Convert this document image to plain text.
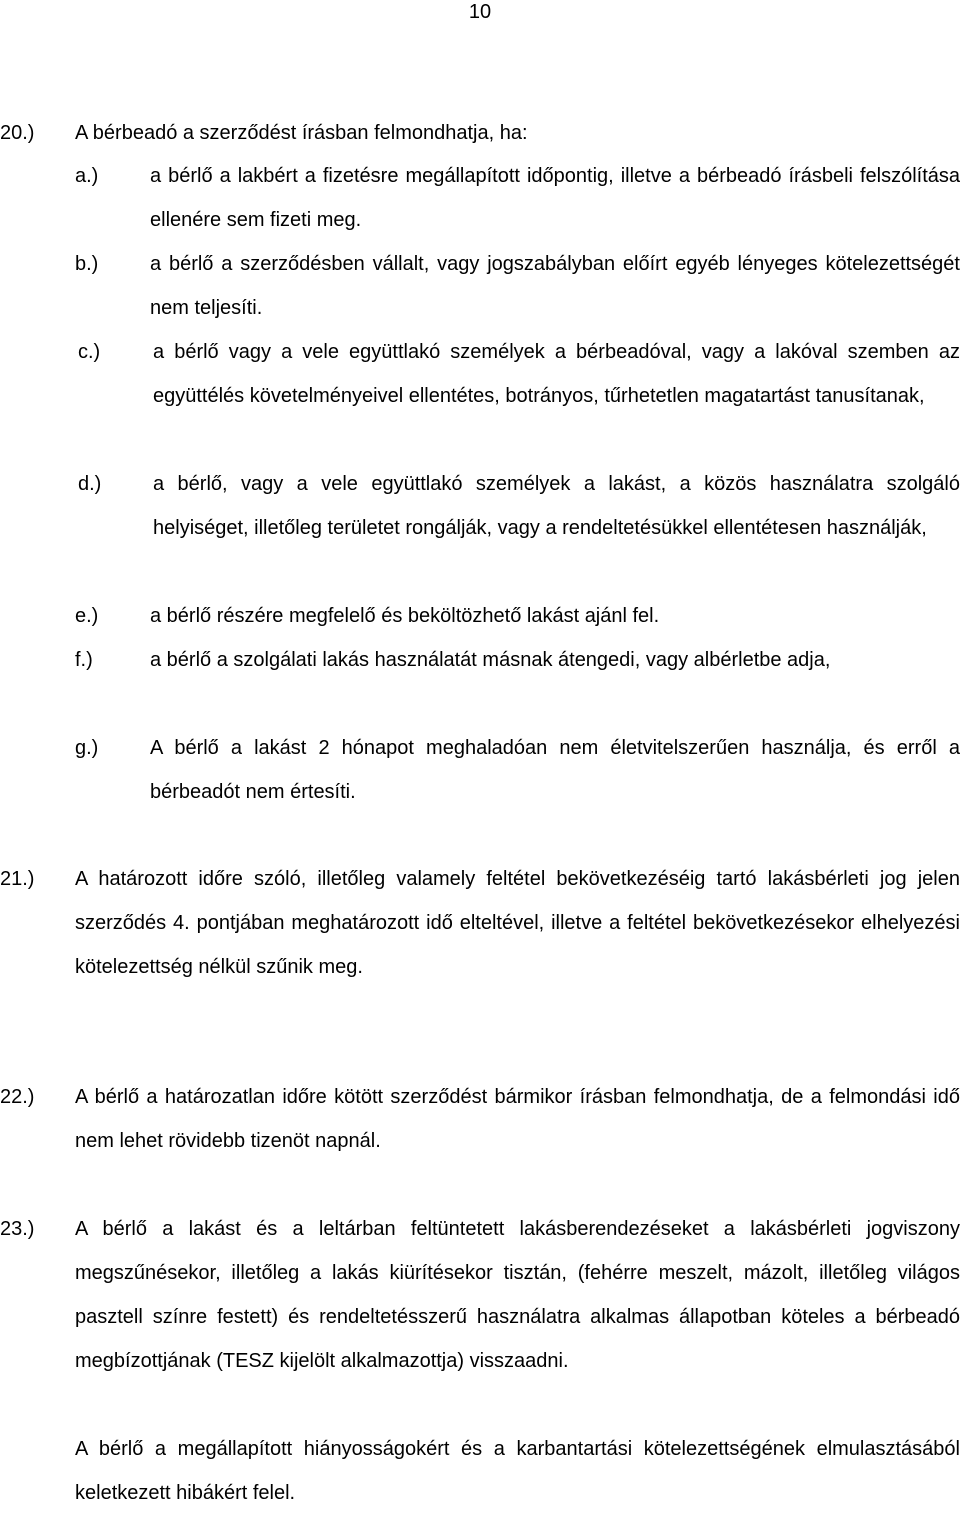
10
20.) A bérbeadó a szerződést írásban felmondhatja, ha:
a.)	a bérlő a lakbért a fizetésre megállapított időpontig, illetve a bérbeadó írásbeli felszólítása ellenére sem fizeti meg.
b.)	a bérlő a szerződésben vállalt, vagy jogszabályban előírt egyéb lényeges kötelezettségét nem teljesíti.
c.)	a bérlő vagy a vele együttlakó személyek a bérbeadóval, vagy a lakóval szemben az együttélés követelményeivel ellentétes, botrányos, tűrhetetlen magatartást tanusítanak,
d.)	a bérlő, vagy a vele együttlakó személyek a lakást, a közös használatra szolgáló helyiséget, illetőleg területet rongálják, vagy a rendeltetésükkel ellentétesen használják,
e.)	a bérlő részére megfelelő és beköltözhető lakást ajánl fel.
f.)	a bérlő a szolgálati lakás használatát másnak átengedi, vagy albérletbe adja,
g.)	A bérlő a lakást 2 hónapot meghaladóan nem életvitelszerűen használja, és erről a bérbeadót nem értesíti.
21.) A határozott időre szóló, illetőleg valamely feltétel bekövetkezéséig tartó lakásbérleti jog jelen szerződés 4. pontjában meghatározott idő elteltével, illetve a feltétel bekövetkezésekor elhelyezési kötelezettség nélkül szűnik meg.
22.) A bérlő a határozatlan időre kötött szerződést bármikor írásban felmondhatja, de a felmondási idő nem lehet rövidebb tizenöt napnál.
23.) A bérlő a lakást és a leltárban feltüntetett lakásberendezéseket a lakásbérleti jogviszony megszűnésekor, illetőleg a lakás kiürítésekor tisztán, (fehérre meszelt, mázolt, illetőleg világos pasztell színre festett) és rendeltetésszerű használatra alkalmas állapotban köteles a bérbeadó megbízottjának (TESZ kijelölt alkalmazottja) visszaadni.
A bérlő a megállapított hiányosságokért és a karbantartási kötelezettségének elmulasztásából keletkezett hibákért felel.
